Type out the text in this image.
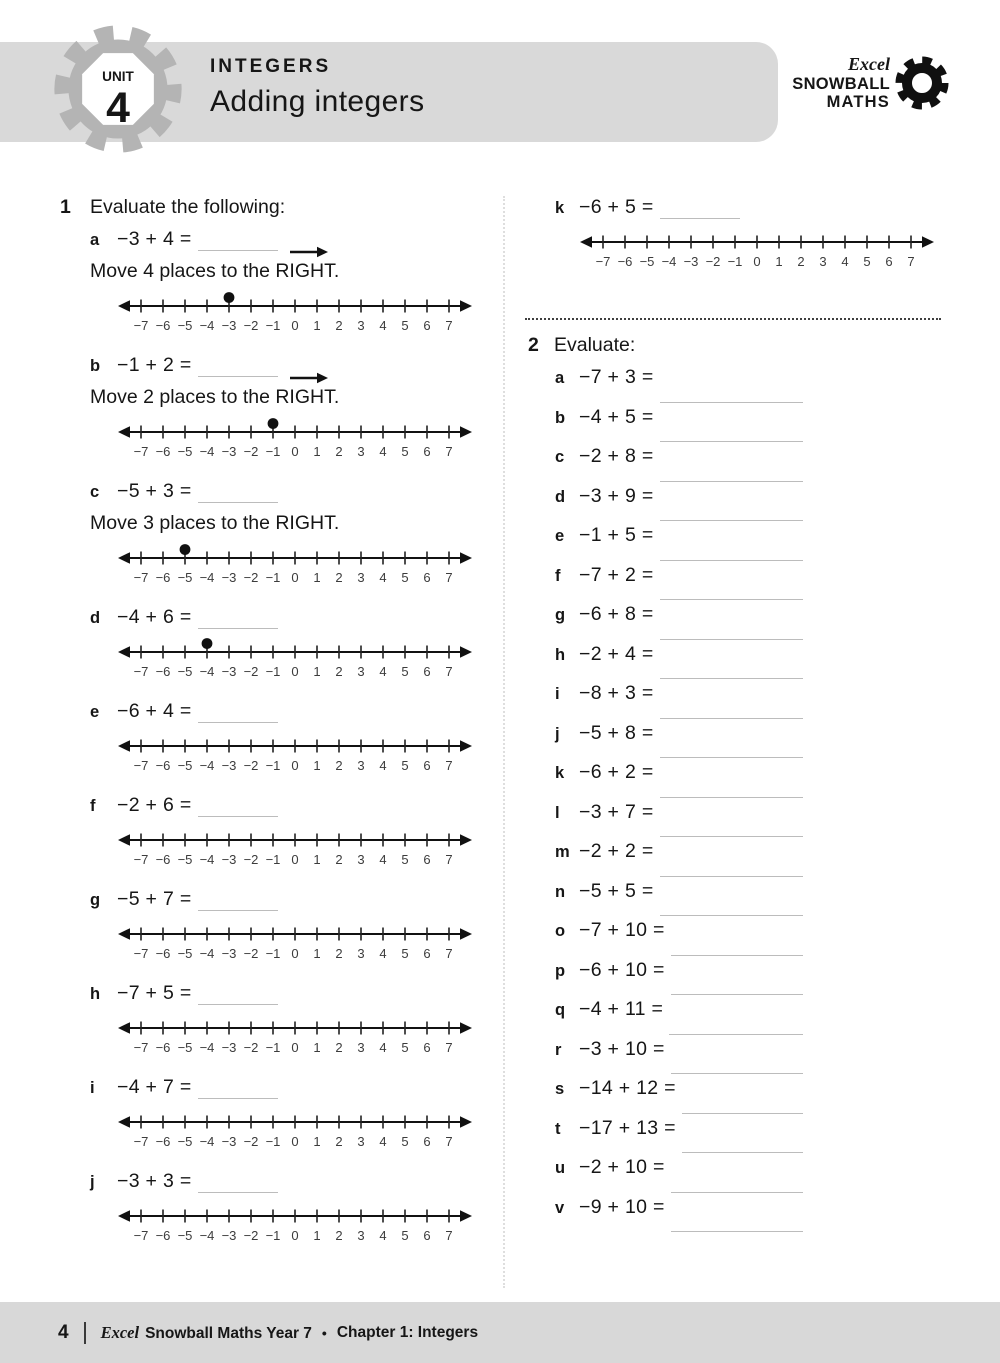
UNIT
4
INTEGERS
Adding integers
Excel
SNOWBALL
MATHS
1 Evaluate the following:
a −3 + 4 =
Move 4 places to the RIGHT.
−7 −6 −5 −4 −3 −2 −1 0 1 2 3 4 5 6 7
b −1 + 2 =
Move 2 places to the RIGHT.
−7 −6 −5 −4 −3 −2 −1 0 1 2 3 4 5 6 7
c −5 + 3 =
Move 3 places to the RIGHT.
−7 −6 −5 −4 −3 −2 −1 0 1 2 3 4 5 6 7
d −4 + 6 =
−7 −6 −5 −4 −3 −2 −1 0 1 2 3 4 5 6 7
e −6 + 4 =
−7 −6 −5 −4 −3 −2 −1 0 1 2 3 4 5 6 7
f	−2 + 6 =
−7 −6 −5 −4 −3 −2 −1 0 1 2 3 4 5 6 7
g −5 + 7 =
−7 −6 −5 −4 −3 −2 −1 0 1 2 3 4 5 6 7
h −7 + 5 =
−7 −6 −5 −4 −3 −2 −1 0 1 2 3 4 5 6 7
i	−4 + 7 =
−7 −6 −5 −4 −3 −2 −1 0 1 2 3 4 5 6 7
j	−3 + 3 =
−7 −6 −5 −4 −3 −2 −1 0 1 2 3 4 5 6 7
k −6 + 5 =
−7 −6 −5 −4 −3 −2 −1 0 1 2 3 4 5 6 7
2 Evaluate:
a −7 + 3 =
b −4 + 5 =
c −2 + 8 =
d −3 + 9 =
e −1 + 5 =
f −7 + 2 =
g −6 + 8 =
h −2 + 4 =
i −8 + 3 =
j −5 + 8 =
k −6 + 2 =
l −3 + 7 =
m −2 + 2 =
n −5 + 5 =
o −7 + 10 =
p −6 + 10 =
q −4 + 11 =
r −3 + 10 =
s −14 + 12 =
t −17 + 13 =
u −2 + 10 =
v −9 + 10 =
4 Excel Snowball Maths Year 7 • Chapter 1: Integers
